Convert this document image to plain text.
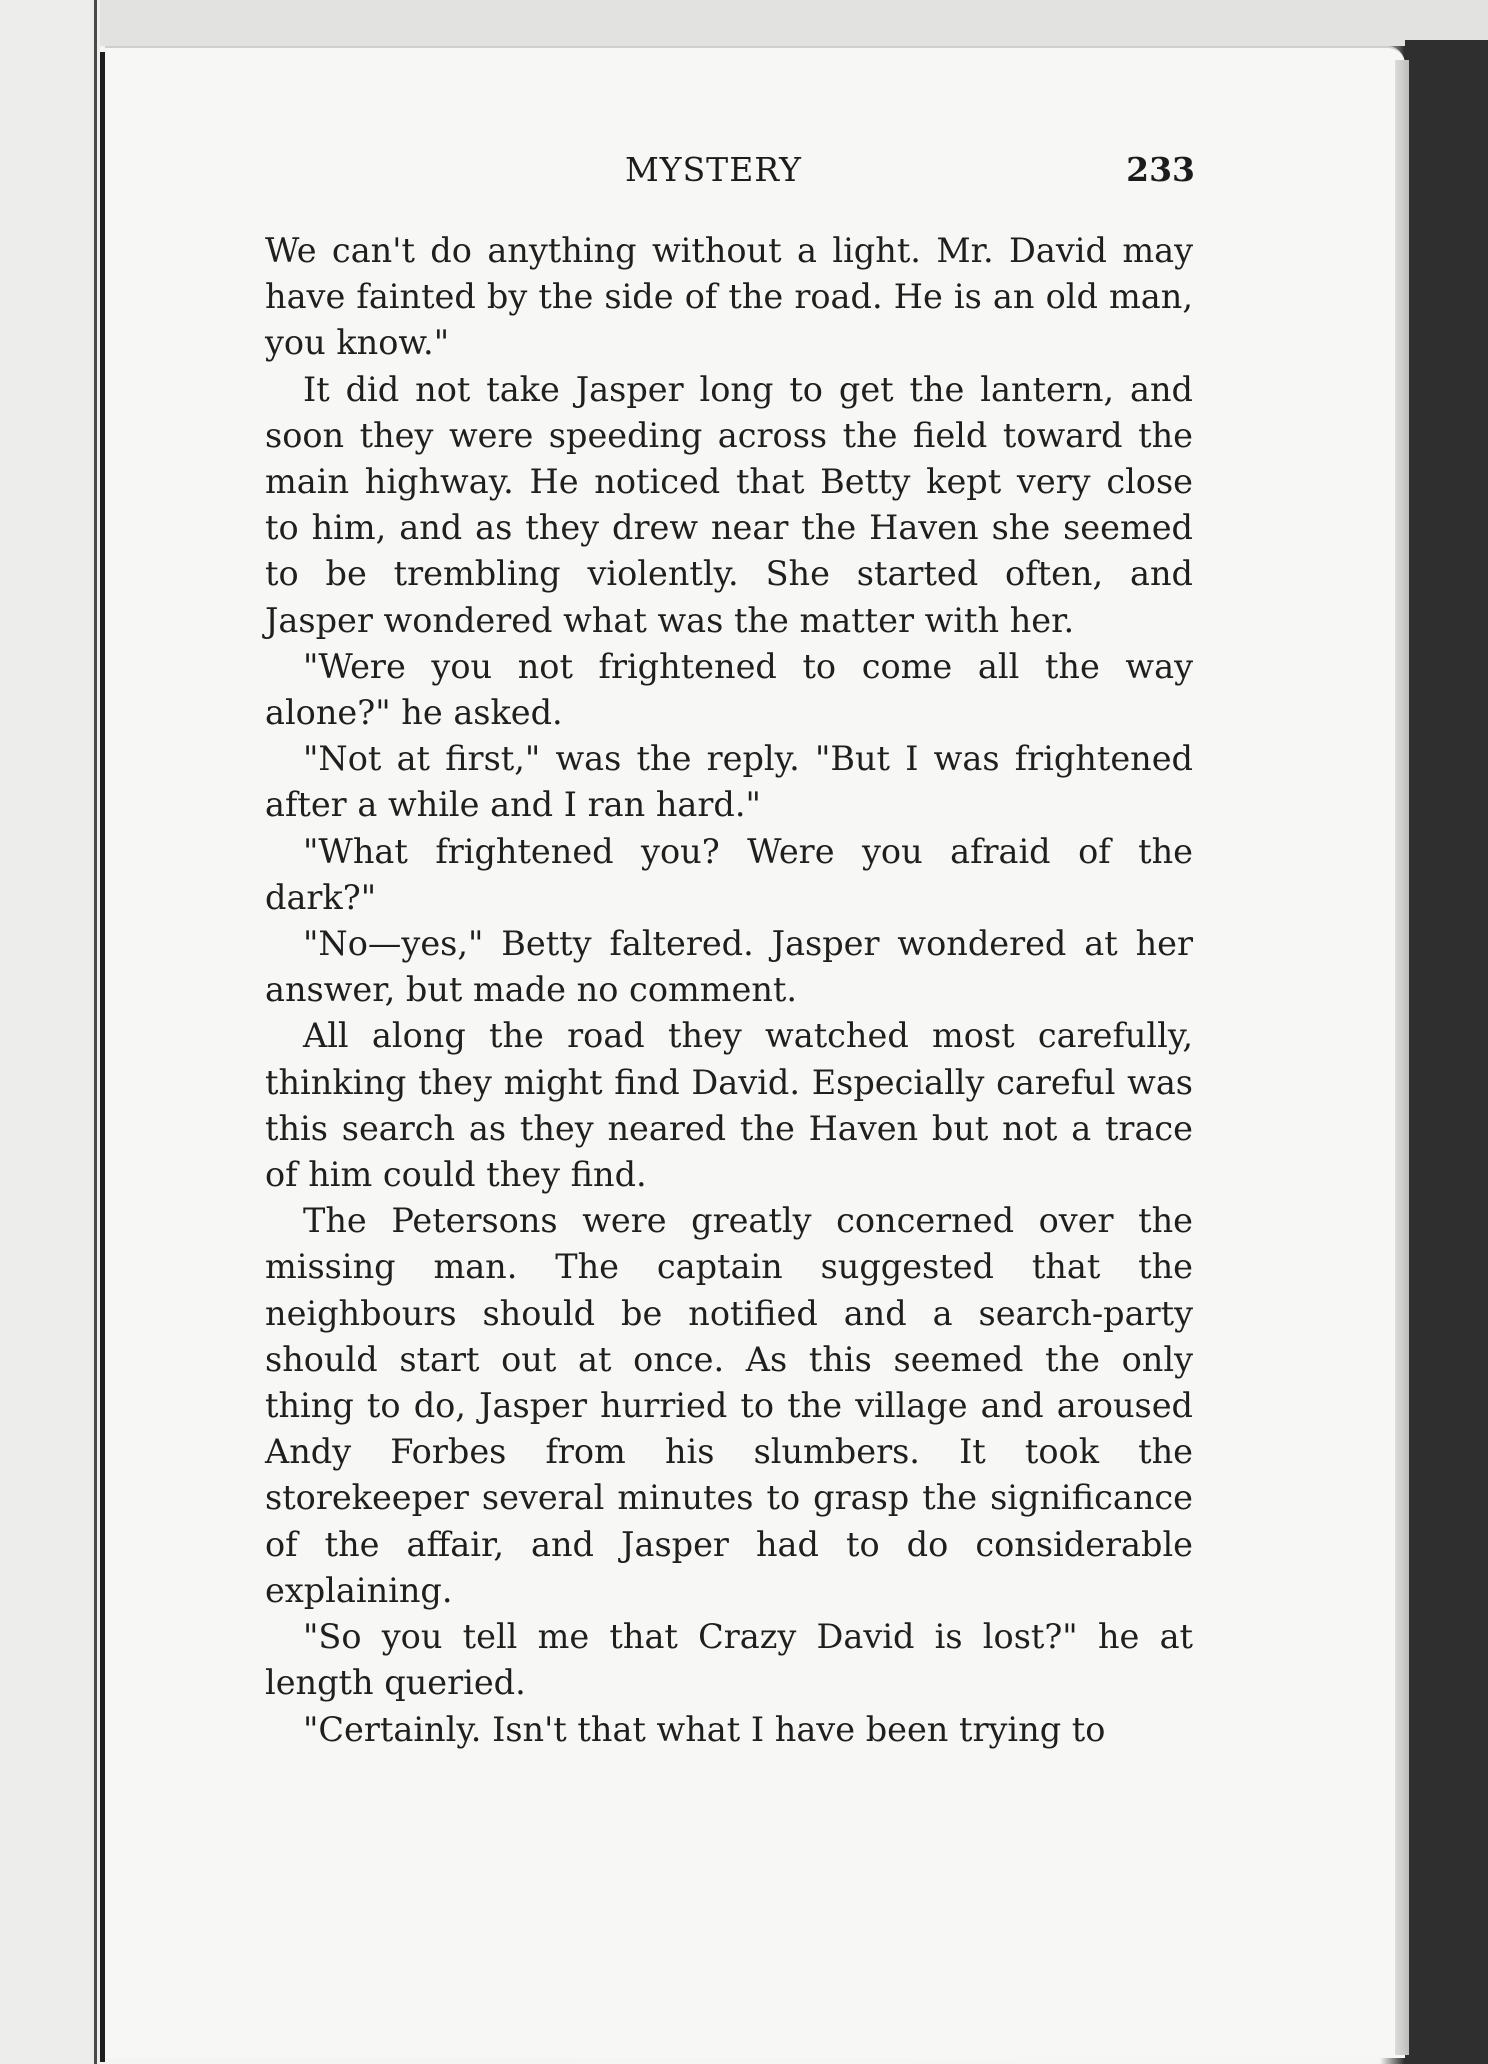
MYSTERY	233

We can't do anything without a light. Mr. David may have fainted by the side of the road. He is an old man, you know."

It did not take Jasper long to get the lantern, and soon they were speeding across the field toward the main highway. He noticed that Betty kept very close to him, and as they drew near the Haven she seemed to be trembling violently. She started often, and Jasper wondered what was the matter with her.

"Were you not frightened to come all the way alone?" he asked.

"Not at first," was the reply. "But I was frightened after a while and I ran hard."

"What frightened you? Were you afraid of the dark?"

"No—yes," Betty faltered. Jasper wondered at her answer, but made no comment.

All along the road they watched most carefully, thinking they might find David. Especially careful was this search as they neared the Haven but not a trace of him could they find.

The Petersons were greatly concerned over the missing man. The captain suggested that the neighbours should be notified and a search-party should start out at once. As this seemed the only thing to do, Jasper hurried to the village and aroused Andy Forbes from his slumbers. It took the storekeeper several minutes to grasp the significance of the affair, and Jasper had to do considerable explaining.

"So you tell me that Crazy David is lost?" he at length queried.

"Certainly. Isn't that what I have been trying to
